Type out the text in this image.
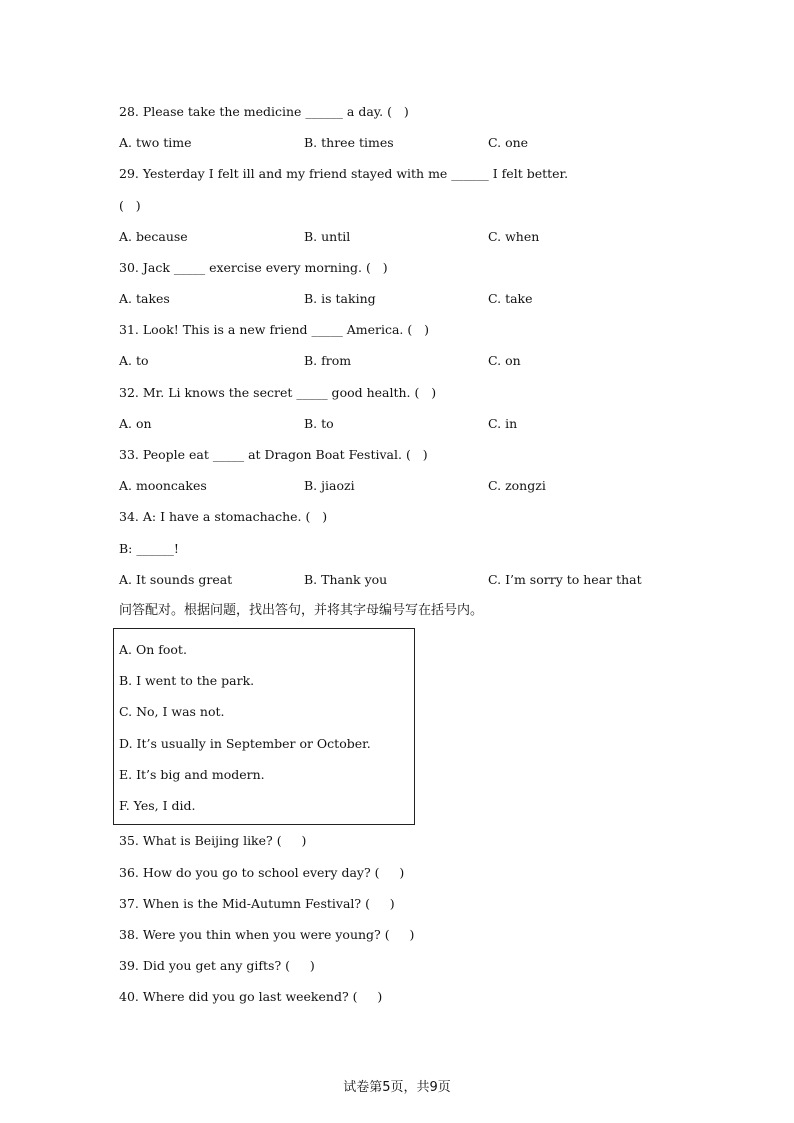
28. Please take the medicine ______ a day. (   )
A. two time	B. three times	C. one
29. Yesterday I felt ill and my friend stayed with me ______ I felt better.
(   )
A. because	B. until	C. when
30. Jack _____ exercise every morning. (   )
A. takes	B. is taking	C. take
31. Look! This is a new friend _____ America. (   )
A. to	B. from	C. on
32. Mr. Li knows the secret _____ good health. (   )
A. on	B. to	C. in
33. People eat _____ at Dragon Boat Festival. (   )
A. mooncakes	B. jiaozi	C. zongzi
34. A: I have a stomachache. (   )
B: ______!
A. It sounds great	B. Thank you	C. I’m sorry to hear that
问答配对。根据问题，找出答句，并将其字母编号写在括号内。
A. On foot.
B. I went to the park.
C. No, I was not.
D. It’s usually in September or October.
E. It’s big and modern.
F. Yes, I did.
35. What is Beijing like? (     )
36. How do you go to school every day? (     )
37. When is the Mid-Autumn Festival? (     )
38. Were you thin when you were young? (     )
39. Did you get any gifts? (     )
40. Where did you go last weekend? (     )
试卷第5页，共9页
